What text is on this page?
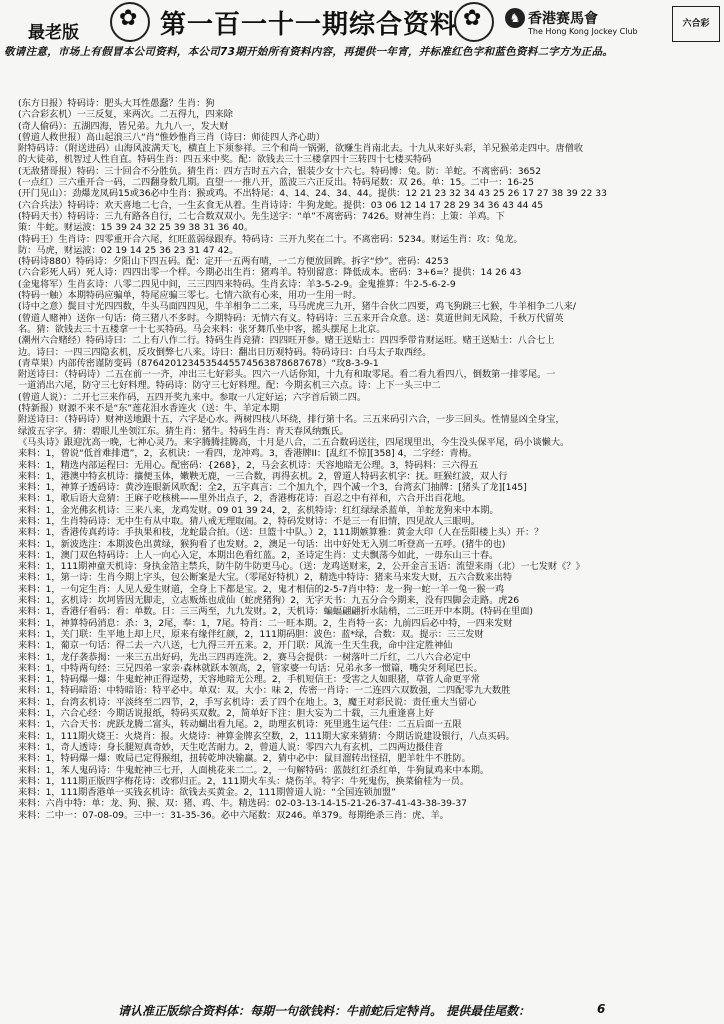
最老版 ✿	第一百一十一期综合资料 ✿	♞ 香港赛馬會
The Hong Kong Jockey Club
六合彩
敬请注意，市场上有假冒本公司资料，本公司73期开始所有资料内容，再提供一年宵，并标准红色字和蓝色资料二字方为正品。
(东方日报）特码诗：肥头大耳性愚蠢？生肖：狗
(六合彩玄机）一三反复，来两次。二五得九，四来除
(奇人偷码）：五湖四海，皆兄弟。九九八一，发大财
(曾道人救世报）高山起浪三八“肖”惟妙惟肖三肖（诗曰：师徒四人齐心助）
附特码诗：（附送进码）山海风波满天飞，横直上下须参祥。三个和尚一锅粥，欲赚生肖南北去。十九从来好头彩，羊兄猴弟走四中。唐僧收
的大徒弟，机智过人性自直。特码生肖：四五来中奖。配：欲钱去三十三楼拿四十三转四十七楼买特码
(无敌猪哥报）特码：三十回合不分胜负。猜生肖：四方吉时五六合，银装少女十六七。特码博：兔。防：羊蛇。不离密码：3652
(一点红）三六重开合一码，二四翻身数几期。直望一一推八开，蓝波三六正反出。特码尾数：双 26。单：15。二中一：16-25
(开门见山）：劲爆龙凤码15或36必中生肖：猴或鸡。不出特尾：4、14、24、34、44。提供：12 21 23 32 34 43 25 26 17 27 38 39 22 33
(六合兵法）特码诗：欢天喜地二七合，一生玄食无从着。生肖诗诗：牛狗龙蛇。提供：03 06 12 14 17 28 29 34 36 43 44 45
(特码天书）特码诗：三九有路各自行，二七合数双双小。先生送字：“单”不离密码：7426。财神生肖：上策：羊鸡。下
策：牛蛇。财运波：15 39 24 32 25 39 38 31 36 40。
(特码王）生肖诗：四零重开合六尾，红旺蓝弱绿跟弃。特码诗：三开九奖在二十。不离密码：5234。财运生肖：攻：兔龙。
防：马虎，财运波：02 19 14 25 36 23 31 47 42。
(特码诗880）特码诗：夕阳山下四五码。配：定开一五两有晴，一二方便放回眸。拆字“炒”。密码：4253
(六合彩死人码）死人诗：四四出零一个样。今期必出生肖：猪鸡羊。特别留意：降低成本。密码：3+6=？提供：14 26 43
(金鬼将军）生肖玄诗：八零二四见中间，三三四四来特码。生肖玄诗：羊3-5-2-9。金鬼推算：牛2-5-6-2-9
(特码一触）本期特码应骗单，特尾应骗三零七。七情六欲有心来，用功一生用一时。
(诗中之意）鬓目寸光四四数，牛头马面四四见，牛羊相争二二来，马马虎虎三九开，猪牛合伙二四要，鸡飞狗跳三七猴，牛羊相争二八来/
(曾道人赌神）送你一句话：倚三猪八不多时。今期特码：无情六有义。特码诗：三五来开合众意。送：莫道世间无风险，千秋万代留英
名。猜：欲钱去三十五楼拿一十七买特码。马会来料：张牙舞爪坐中客，摇头摆尾上北京。
(潮州六合赌经）特码诗曰：二上有八作二行。特码生肖竞猜：四四旺开参。赌王送贴士：四四季带肯财运旺。赌王送贴士：八合七上
边。诗曰：一四三四隐玄机，反攻倒弊七八来。诗曰：翻出日历观特码。特码诗曰：白马太子取西经。
(青草果）内部传密谨防变码（8764201234535445574563878687678）“玫8-3-9-1
附送诗曰：（特码诗）二五在前一一齐，冲出三七好彩头。四六一八话你知，十九有和取零尾。看二看九看四八，倒数第一排零尾。一
一道消出六尾，防守三七好料理。特码诗：防守三七好料理。配：今期玄机三六点。诗：上下一头三中二
(曾道人说）：二开七三来作码，五四开奖九来中。参取一八定好运；六字首后锁二四。
(特新报）财源不来不是“东”莲花泪水香连火（送：牛、羊定本期
附送诗曰：（特码诗）财神送地跟十五，六字是心水。两树四枝八环绕，排行第十名。三五来码引六合，一步三回头。性情显凶全身宝，
绿波五字字。猜：碧眼儿坐领江东。猜生肖：猪牛。特码生肖：青天春风纳甄氏。
《马头诗》跟迎沈高一晚，七神心灵乃。来字腾腾挂腾高，十月是八合，二五合数码送往，四尾现里出，今生没头保平尾，码小谈懒大。
来料：1，曾说“低首难排遣”，2，玄机诀：一看四，龙冲鸡。3，香港牌II：[乱红不惊][358] 4，二字经：青梅。
来料：1，精选内部运程曰：无用心。配密码：{268}，2，马会玄机诗：天容地暗无公理。3，特码料：三六得五
来料：1，港澳中特玄机诗：攘便玉体，嫩鞅无鹿，一三合数，再得玄机。2，曾道人特码玄机字：抚。旺猴红波，双人行
来料：1，神算子透码诗：黄沙连眼新风吹配：全2，五字真言：二个加九个，四个减一个3，台湾玄门抽牌：[猪头了龙][145]
来料：1，歌后语大竞猜：王麻子吃核桃——里外出点子，2，香港梅花诗：百忍之中有祥和，六合开出百花地。
来料：1，金光佛玄机诗：三来八来，龙鸡发财。09 01 39 24，2，玄机特诗：红红绿绿杀蓝单，羊蛇龙狗来中本期。
来料：1，生肖特码诗：无中生有从中取。猜八戒无理取闹。2，特码发财诗：不是三一有旧情，四见故人三眼明。
来料：1，香港传真药诗：手执果和枝，龙蛇最合拍。（送：旦篮十中队。）2，111期嫉算雅：黄金大印（人在岳阳楼上头）开：？
来料：1，新波选注：本期波色出黄绿，猴狗看了也发财。2，澳足一句话：出中好处无入别二听登高一五呼。(猪牛的也)
来料：1，澳门双色特码诗：上人一向心入定，本期出色看红蓝。2，圣诗定生肖：丈夫飘荡今如此，一毋东山三十春。
来料：1，111期神童天机诗：身执金箔主禁兵，防牛防牛防更马心。（送：龙鸡送财来，2，公开金言玉语：流望来雨（北）一七发财《？》
来料：1，第一诗：生肖今期上字头，包公断案是大宝。（零尾好特机）2，精选中特诗：猪来马来发大财，五六合数来出特
来料：1，一句定生肖：人见人爱生财道，全身上下都是宝。2，鬼才相信的2-5-7肖中特：龙一狗一蛇一羊一兔一猴一鸡
来料：1，玄机诗：坎坷皆因无脚走，立志贩炼也成仙（蛇虎猪狗）2，无字天书：九五分合今期来，没有四脚会走路。虎26
来料：1，香港仔看码：看：单数。日：三三两至，九九发财。2，天机诗：蝙蝠翩翩折水陆梢，二三旺开中本期。(特码在里面)
来料：1，神算特码消息：杀：3，2尾，奉：1，7尾。特肖：二一旺本期。2，生肖特一玄：九前四后必中特，一四来发财
来料：1，关门联：生平地上却上尺，原来有缘伴红颜，2，111期码胆：波色：蓝*绿，合数：双。提示：三三发财
来料：1，葡京一句话：得二去一六八送，七九得三开五来。2，开门联：风流一生天生我，命中注定胜神仙
来料：1，龙仔袭恭揭：一来三五出好码，先出三四再连洗。2，赛马会提供：一树落叶二斤红，二八六合必定中
来料：1，中特两句经：三兄四弟一家亲·森林就跃本领高，2，管家婆一句话：兄弟永多一惯篇，嘴尖牙利尾巴长。
来料：1，特码爆一爆：牛鬼蛇神正得逞势，天容地暗无公理。2，手机短信王：受害之人如眼猪，草菅人命更平常
来料：1，特码暗语：中特暗语：特平必中。单双：双。大小：味 2，传密一肖诗：一二连四六双数强，二四配零九大数胜
来料：1，台湾玄机诗：平淡终至二四节，2，手写玄机诗：丢了四个在地上。3，魔王对彩民说：责任重大当留心
来料：1，六合心经：今期话说报纸，特码买双数。2，简单好下注：胆大妄为二十载，三九重逢喜上好
来料：1，六合天书：虎跃龙腾二富头，转动蝴出看九尾。2，助理玄机诗：死里逃生运气佳：二五后面一五限
来料：1，111期火烧王：火烧肖：报。火烧诗：神算金牌玄空数，2，111期大家来猜猜：今期话说建设银行，八点买码。
来料：1，奇人透诗：身长腿短真奇妙，天生吃苦耐力。2，曾道人说：零四六九有玄机，二四两边摄佳音
来料：1，特码爆一爆：败局已定得猴组，扭转乾坤决输赢。2，猜中必中：鼠目溜转出怪招，肥羊牡牛不胜防。
来料：1，苯人鬼码诗：牛鬼蛇神三七开，人面桃花来二二。2，一句解特码：蓝鼓红红杀红单，牛狗鼠鸡来中本期。
来料：1，111期正版四字梅花诗：改邪归正。2，111期火车头：烧伤羊。特字：牛死鬼伤，换菜偷桂为一员。
来料：1，111期香港单一买钱玄机诗：欲钱去买黄金。2，111期曾道人说：“全国连锁加盟”
来料：六肖中特：单：龙、狗、猴、双：猪、鸡、牛。精选码：02-03-13-14-15-21-26-37-41-43-38-39-37
来料：二中一：07-08-09。三中一：31-35-36。必中六尾数：双246。单379。每期绝杀三肖：虎、羊。
请认准正版综合资料体：每期一句欲钱料：牛前蛇后定特肖。 提供最佳尾数：	6
